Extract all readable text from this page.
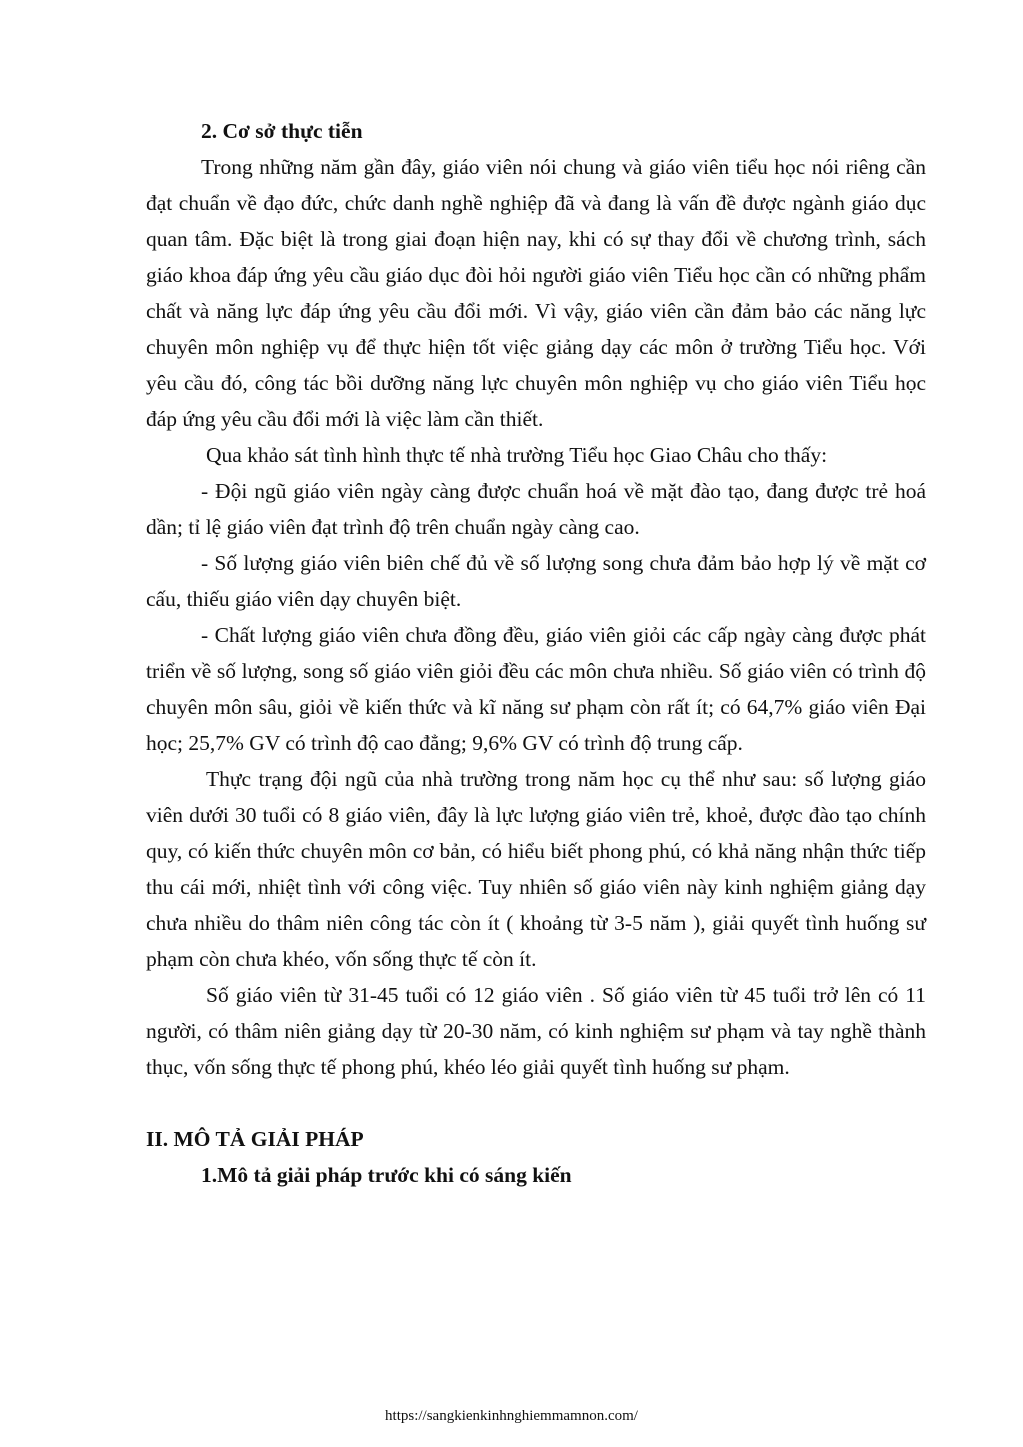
2. Cơ sở thực tiễn

Trong những năm gần đây, giáo viên nói chung và giáo viên tiểu học nói riêng cần đạt chuẩn về đạo đức, chức danh nghề nghiệp đã và đang là vấn đề được ngành giáo dục quan tâm. Đặc biệt là trong giai đoạn hiện nay, khi có sự thay đổi về chương trình, sách giáo khoa đáp ứng yêu cầu giáo dục đòi hỏi người giáo viên Tiểu học cần có những phẩm chất và năng lực đáp ứng yêu cầu đổi mới. Vì vậy, giáo viên cần đảm bảo các năng lực chuyên môn nghiệp vụ để thực hiện tốt việc giảng dạy các môn ở trường Tiểu học. Với yêu cầu đó, công tác bồi dưỡng năng lực chuyên môn nghiệp vụ cho giáo viên Tiểu học đáp ứng yêu cầu đổi mới là việc làm cần thiết.

Qua khảo sát tình hình thực tế nhà trường Tiểu học Giao Châu cho thấy:

- Đội ngũ giáo viên ngày càng được chuẩn hoá về mặt đào tạo, đang được trẻ hoá dần; tỉ lệ giáo viên đạt trình độ trên chuẩn ngày càng cao.

- Số lượng giáo viên biên chế đủ về số lượng song chưa đảm bảo hợp lý về mặt cơ cấu, thiếu giáo viên dạy chuyên biệt.

- Chất lượng giáo viên chưa đồng đều, giáo viên giỏi các cấp ngày càng được phát triển về số lượng, song số giáo viên giỏi đều các môn chưa nhiều. Số giáo viên có trình độ chuyên môn sâu, giỏi về kiến thức và kĩ năng sư phạm còn rất ít; có 64,7% giáo viên Đại học; 25,7% GV có trình độ cao đẳng; 9,6% GV có trình độ trung cấp.

Thực trạng đội ngũ của nhà trường trong năm học cụ thể như sau: số lượng giáo viên dưới 30 tuổi có 8 giáo viên, đây là lực lượng giáo viên trẻ, khoẻ, được đào tạo chính quy, có kiến thức chuyên môn cơ bản, có hiểu biết phong phú, có khả năng nhận thức tiếp thu cái mới, nhiệt tình với công việc. Tuy nhiên số giáo viên này kinh nghiệm giảng dạy chưa nhiều do thâm niên công tác còn ít ( khoảng từ 3-5 năm ), giải quyết tình huống sư phạm còn chưa khéo, vốn sống thực tế còn ít.

Số giáo viên từ 31-45 tuổi có 12 giáo viên . Số giáo viên từ 45 tuổi trở lên có 11 người, có thâm niên giảng dạy từ 20-30 năm, có kinh nghiệm sư phạm và tay nghề thành thục, vốn sống thực tế phong phú, khéo léo giải quyết tình huống sư phạm.

II. MÔ TẢ GIẢI PHÁP
1.Mô tả giải pháp trước khi có sáng kiến
https://sangkienkinhnghiemmamnon.com/
